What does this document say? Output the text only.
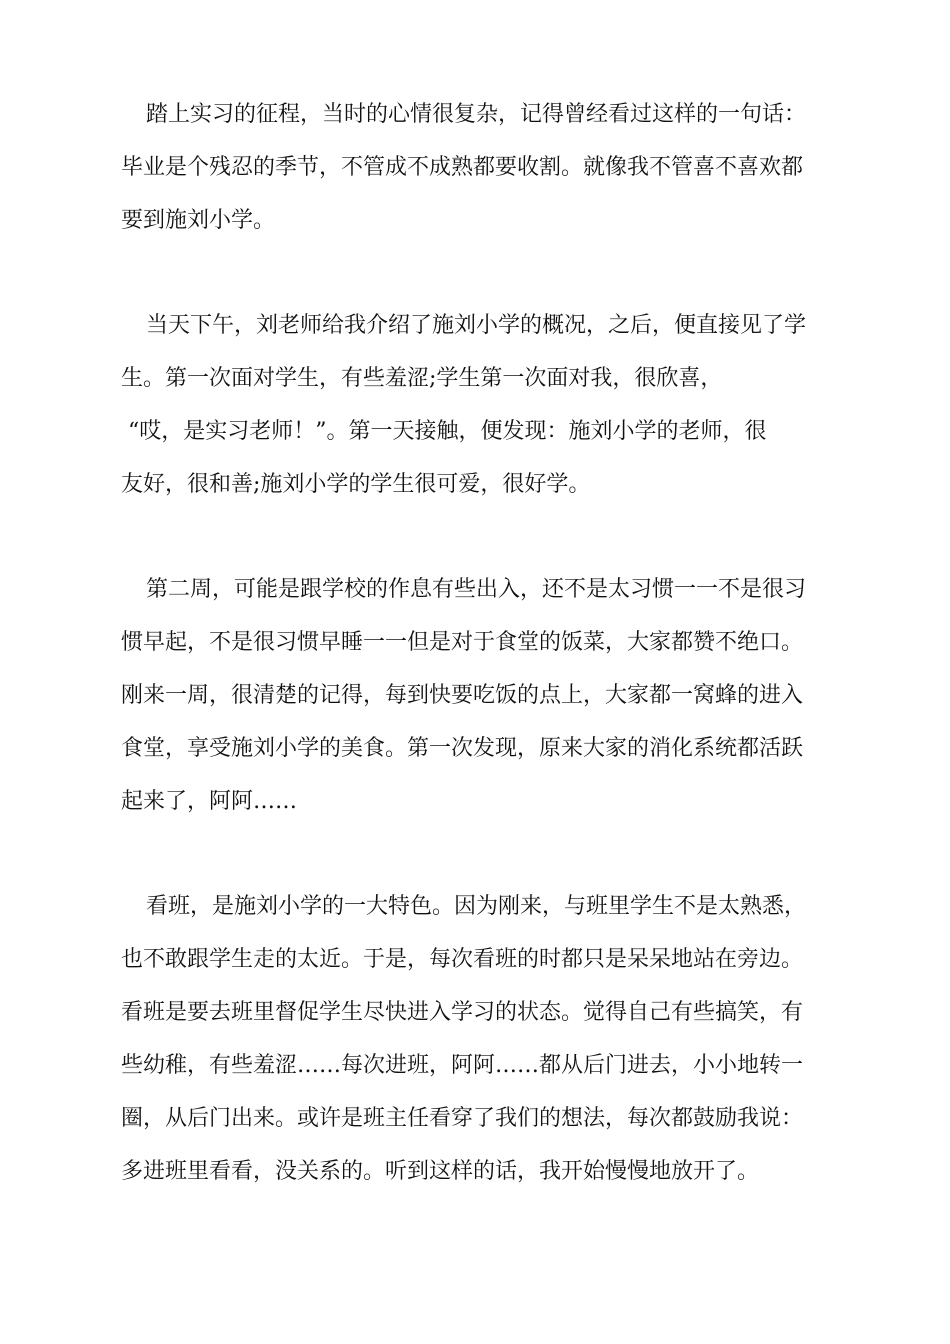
踏上实习的征程，当时的心情很复杂，记得曾经看过这样的一句话：
毕业是个残忍的季节，不管成不成熟都要收割。就像我不管喜不喜欢都
要到施刘小学。
当天下午，刘老师给我介绍了施刘小学的概况，之后，便直接见了学
生。第一次面对学生，有些羞涩;学生第一次面对我，很欣喜，
“哎，是实习老师！”。第一天接触，便发现：施刘小学的老师，很
友好，很和善;施刘小学的学生很可爱，很好学。
第二周，可能是跟学校的作息有些出入，还不是太习惯一一不是很习
惯早起，不是很习惯早睡一一但是对于食堂的饭菜，大家都赞不绝口。
刚来一周，很清楚的记得，每到快要吃饭的点上，大家都一窝蜂的进入
食堂，享受施刘小学的美食。第一次发现，原来大家的消化系统都活跃
起来了，阿阿……
看班，是施刘小学的一大特色。因为刚来，与班里学生不是太熟悉，
也不敢跟学生走的太近。于是，每次看班的时都只是呆呆地站在旁边。
看班是要去班里督促学生尽快进入学习的状态。觉得自己有些搞笑，有
些幼稚，有些羞涩……每次进班，阿阿……都从后门进去，小小地转一
圈，从后门出来。或许是班主任看穿了我们的想法，每次都鼓励我说：
多进班里看看，没关系的。听到这样的话，我开始慢慢地放开了。
